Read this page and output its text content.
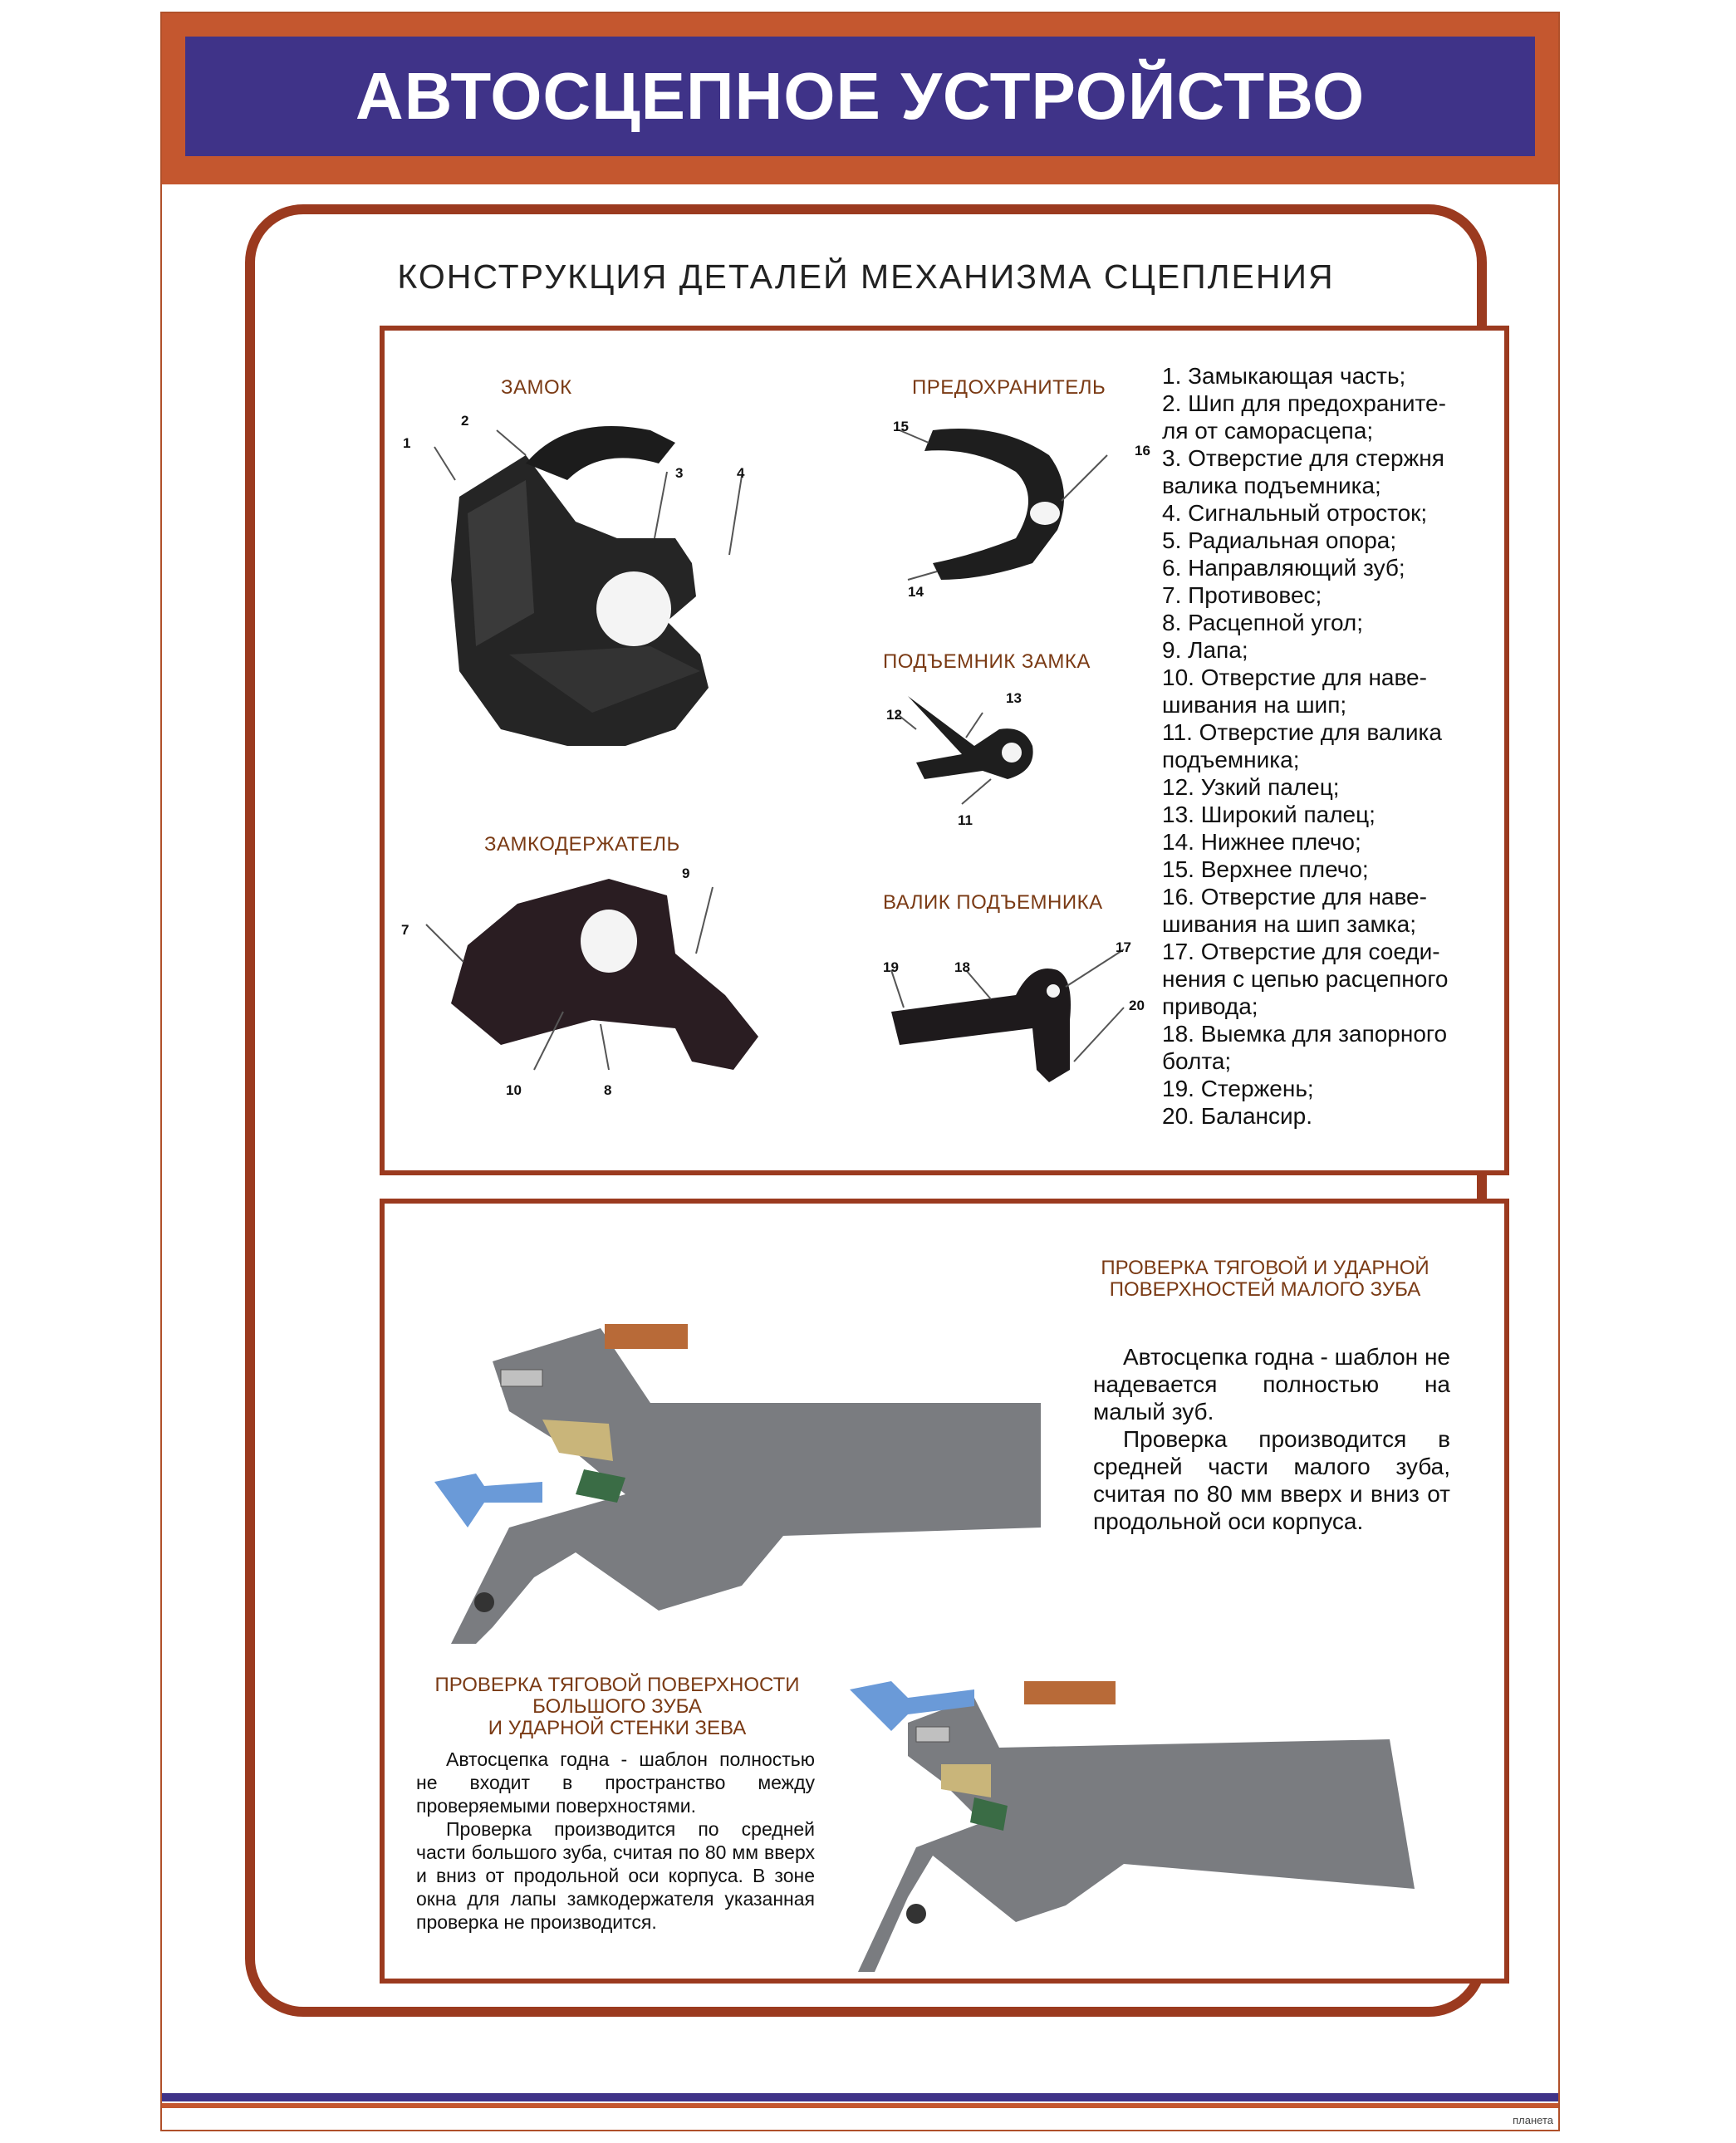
АВТОСЦЕПНОЕ УСТРОЙСТВО
КОНСТРУКЦИЯ ДЕТАЛЕЙ МЕХАНИЗМА СЦЕПЛЕНИЯ
ЗАМОК
1
2
3	4
ПРЕДОХРАНИТЕЛЬ
15
16
14
ПОДЪЕМНИК ЗАМКА
12
13
11
ЗАМКОДЕРЖАТЕЛЬ
7
9
10	8
ВАЛИК ПОДЪЕМНИКА
19	18
17
20
1. Замыкающая часть;
2. Шип для предохраните-
ля от саморасцепа;
3. Отверстие для стержня
валика подъемника;
4. Сигнальный отросток;
5. Радиальная опора;
6. Направляющий зуб;
7. Противовес;
8. Расцепной угол;
9. Лапа;
10. Отверстие для наве-
шивания на шип;
11. Отверстие для валика
подъемника;
12. Узкий палец;
13. Широкий палец;
14. Нижнее плечо;
15. Верхнее плечо;
16. Отверстие для наве-
шивания на шип замка;
17. Отверстие для соеди-
нения с цепью расцепного
привода;
18. Выемка для запорного
болта;
19. Стержень;
20. Балансир.
ПРОВЕРКА ТЯГОВОЙ И УДАРНОЙ
ПОВЕРХНОСТЕЙ МАЛОГО ЗУБА

Автосцепка годна - шаблон не надевается полностью на малый зуб.

Проверка производится в средней части малого зуба, считая по 80 мм вверх и вниз от продольной оси корпуса.

ПРОВЕРКА ТЯГОВОЙ ПОВЕРХНОСТИ
БОЛЬШОГО ЗУБА
И УДАРНОЙ СТЕНКИ ЗЕВА

Автосцепка годна - шаблон полностью не входит в пространство между проверяемыми поверхностями.

Проверка производится по средней части большого зуба, считая по 80 мм вверх и вниз от продольной оси корпуса. В зоне окна для лапы замкодержателя указанная проверка не производится.

планета
